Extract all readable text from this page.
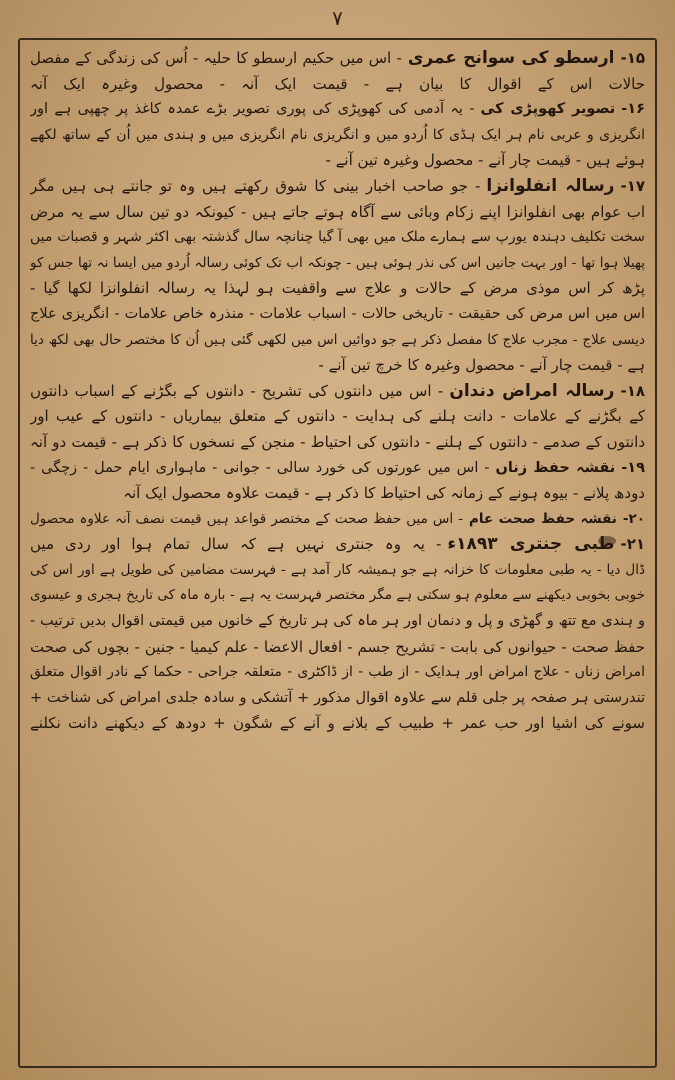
۷
۱۵-ارسطو کی سوانح عمری- اس میں حکیم ارسطو کا حلیہ - اُس کی زندگی کے مفصل
حالات اس کے اقوال کا بیان ہے - قیمت ایک آنہ - محصول وغیرہ ایک آنہ
۱۶-تصویر کھوپڑی کی- یہ آدمی کی کھوپڑی کی پوری تصویر بڑے عمدہ کاغذ پر چھپی ہے اور
انگریزی و عربی نام ہر ایک ہڈی کا اُردو میں و انگریزی نام انگریزی میں و ہندی میں اُن کے ساتھ لکھے
ہوئے ہیں - قیمت چار آنے - محصول وغیرہ تین آنے -
۱۷-رسالہ انفلوانزا- جو صاحب اخبار بینی کا شوق رکھتے ہیں وہ تو جانتے ہی ہیں مگر
اب عوام بھی انفلوانزا اپنے زکام وبائی سے آگاہ ہوتے جاتے ہیں - کیونکہ دو تین سال سے یہ مرض
سخت تکلیف دہندہ یورپ سے ہمارے ملک میں بھی آ گیا چنانچہ سال گذشتہ بھی اکثر شہر و قصبات میں
پھیلا ہوا تھا - اور بہت جانیں اس کی نذر ہوئی ہیں - چونکہ اب تک کوئی رسالہ اُردو میں ایسا نہ تھا جس کو
پڑھ کر اس موذی مرض کے حالات و علاج سے واقفیت ہو لہذا یہ رسالہ انفلوانزا لکھا گیا -
اس میں اس مرض کی حقیقت - تاریخی حالات - اسباب علامات - منذرہ خاص علامات - انگریزی علاج
دیسی علاج - مجرب علاج کا مفصل ذکر ہے جو دوائیں اس میں لکھی گئی ہیں اُن کا مختصر حال بھی لکھ دیا
ہے - قیمت چار آنے - محصول وغیرہ کا خرچ تین آنے -
۱۸-رسالہ امراض دندان- اس میں دانتوں کی تشریح - دانتوں کے بگڑنے کے اسباب دانتوں
کے بگڑنے کے علامات - دانت ہلنے کی ہدایت - دانتوں کے متعلق بیماریاں - دانتوں کے عیب اور
دانتوں کے صدمے - دانتوں کے ہلنے - دانتوں کی احتیاط - منجن کے نسخوں کا ذکر ہے - قیمت دو آنہ
۱۹-نقشہ حفظ زناں- اس میں عورتوں کی خورد سالی - جوانی - ماہواری ایام حمل - زچگی -
دودھ پلانے - بیوہ ہونے کے زمانہ کی احتیاط کا ذکر ہے - قیمت علاوہ محصول ایک آنہ
۲۰-نقشہ حفظ صحت عام- اس میں حفظ صحت کے مختصر قواعد ہیں قیمت نصف آنہ علاوہ محصول
۲۱-طبی جنتری ۱۸۹۳ء- یہ وہ جنتری نہیں ہے کہ سال تمام ہوا اور ردی میں
ڈال دیا - یہ طبی معلومات کا خزانہ ہے جو ہمیشہ کار آمد ہے - فہرست مضامین کی طویل ہے اور اس کی
خوبی بخوبی دیکھنے سے معلوم ہو سکتی ہے مگر مختصر فہرست یہ ہے - بارہ ماہ کی تاریخ ہجری و عیسوی
و ہندی مع تتھ و گھڑی و پل و دنمان اور ہر ماہ کی ہر تاریخ کے خانوں میں قیمتی اقوال بدیں ترتیب -
حفظ صحت - حیوانوں کی بابت - تشریح جسم - افعال الاعضا - علم کیمیا - جنین - بچوں کی صحت
امراض زناں - علاج امراض اور ہدایک - از طب - از ڈاکٹری - متعلقہ جراحی - حکما کے نادر اقوال متعلق
تندرستی ہر صفحہ پر جلی قلم سے علاوہ اقوال مذکور + آتشکی و سادہ جلدی امراض کی شناخت +
سونے کی اشیا اور حب عمر + طبیب کے بلانے و آنے کے شگون + دودھ کے دیکھنے دانت نکلنے
